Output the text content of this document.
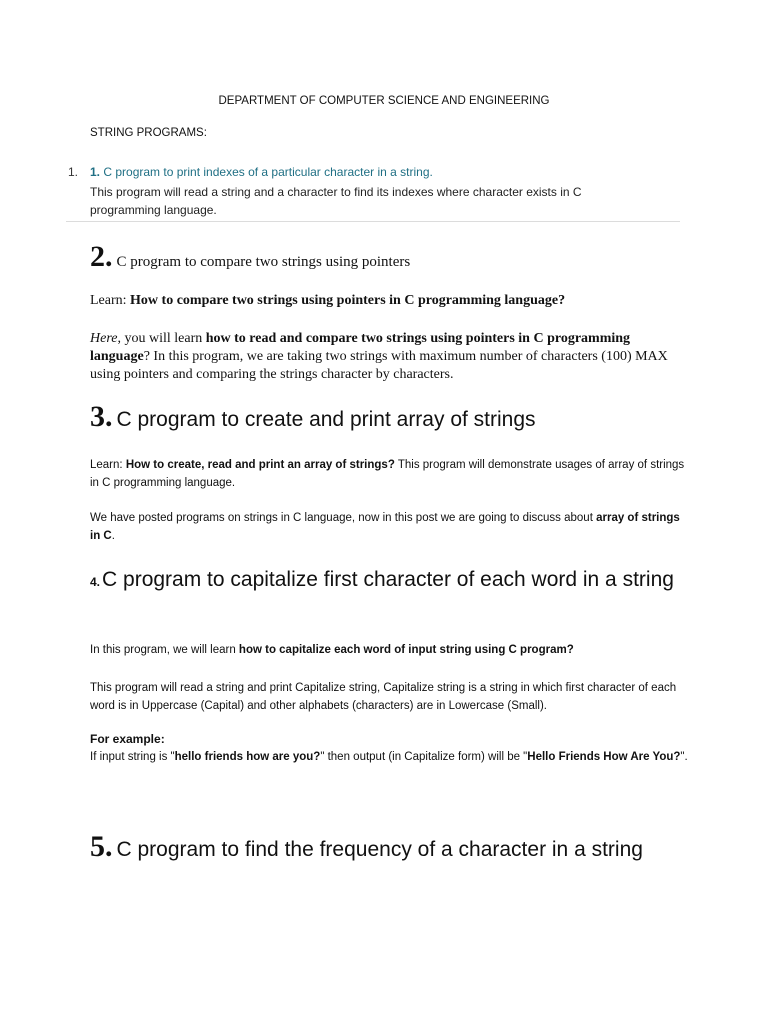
DEPARTMENT OF COMPUTER SCIENCE AND ENGINEERING
STRING PROGRAMS:
1. 1. C program to print indexes of a particular character in a string.
This program will read a string and a character to find its indexes where character exists in C programming language.
2. C program to compare two strings using pointers
Learn: How to compare two strings using pointers in C programming language?
Here, you will learn how to read and compare two strings using pointers in C programming language? In this program, we are taking two strings with maximum number of characters (100) MAX using pointers and comparing the strings character by characters.
3. C program to create and print array of strings
Learn: How to create, read and print an array of strings? This program will demonstrate usages of array of strings in C programming language.
We have posted programs on strings in C language, now in this post we are going to discuss about array of strings in C.
4.C program to capitalize first character of each word in a string
In this program, we will learn how to capitalize each word of input string using C program?
This program will read a string and print Capitalize string, Capitalize string is a string in which first character of each word is in Uppercase (Capital) and other alphabets (characters) are in Lowercase (Small).
For example:
If input string is "hello friends how are you?" then output (in Capitalize form) will be "Hello Friends How Are You?".
5. C program to find the frequency of a character in a string
